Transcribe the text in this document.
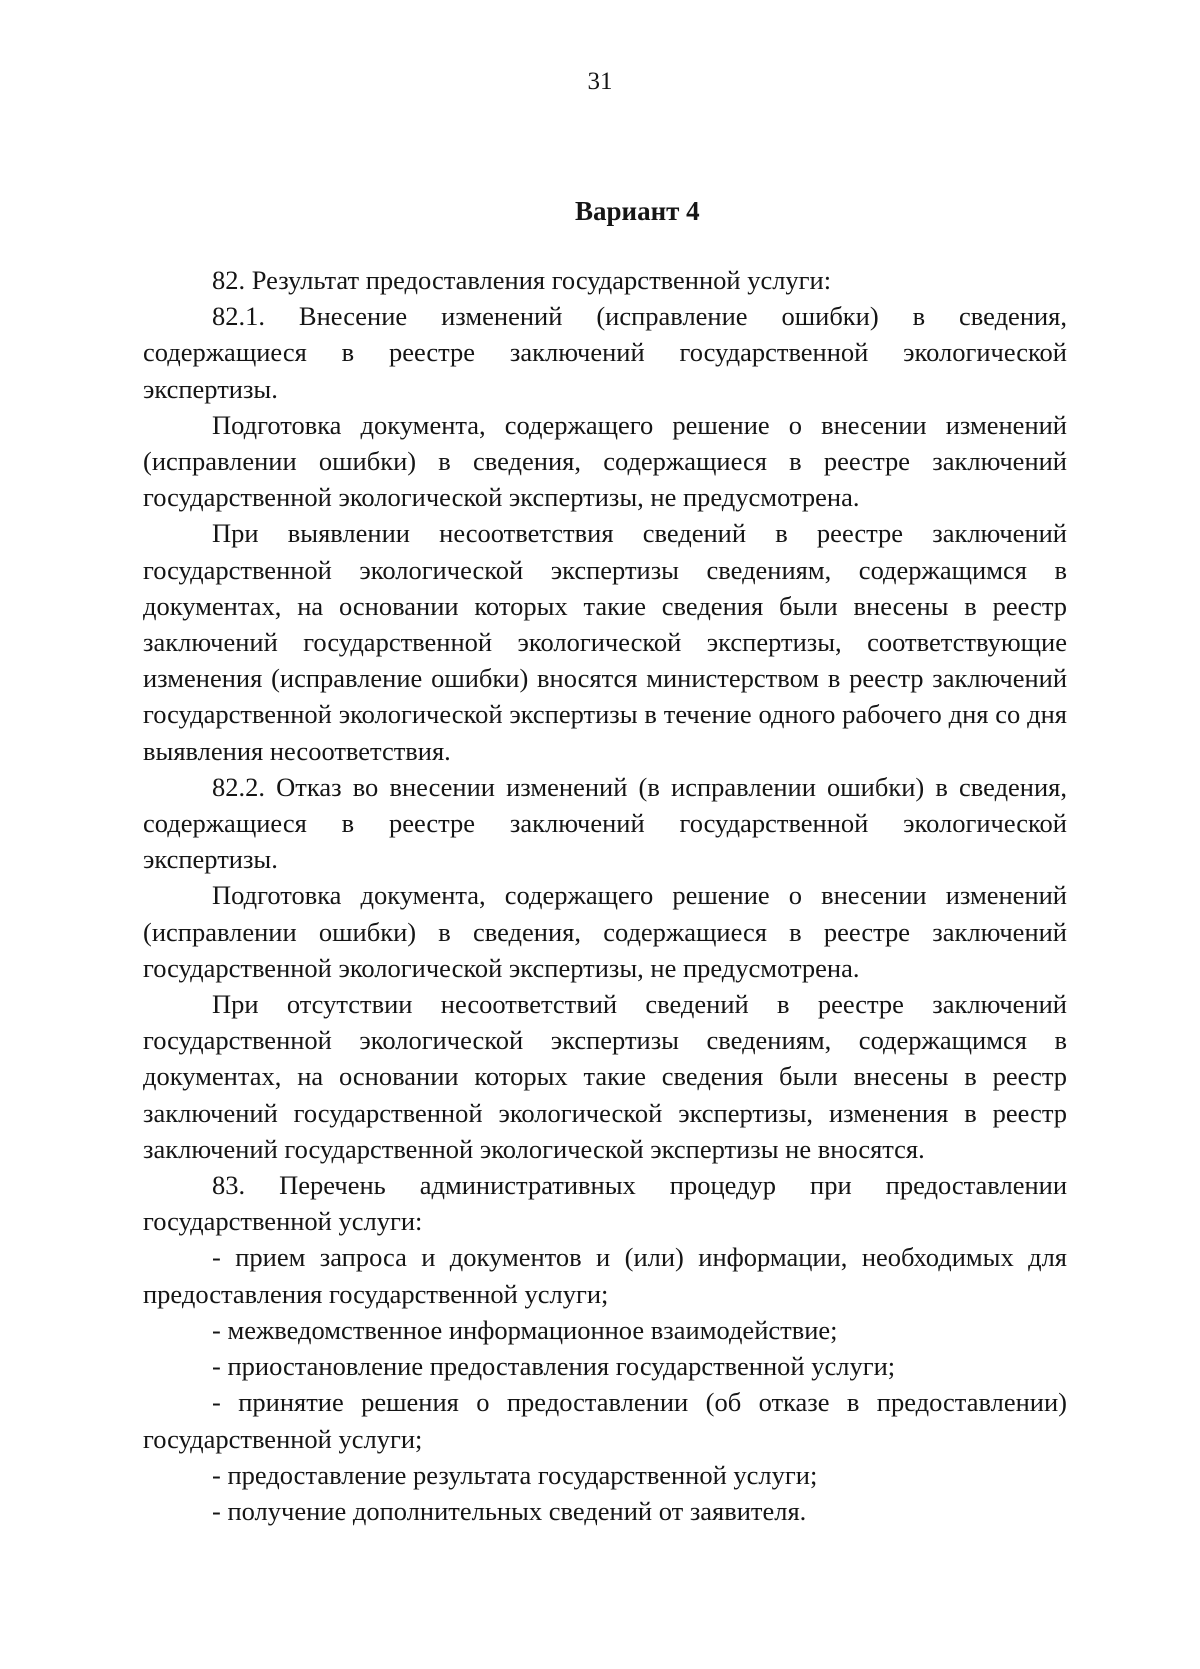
31
Вариант 4

82. Результат предоставления государственной услуги:

82.1. Внесение изменений (исправление ошибки) в сведения, содержащиеся в реестре заключений государственной экологической экспертизы.

Подготовка документа, содержащего решение о внесении изменений (исправлении ошибки) в сведения, содержащиеся в реестре заключений государственной экологической экспертизы, не предусмотрена.

При выявлении несоответствия сведений в реестре заключений государственной экологической экспертизы сведениям, содержащимся в документах, на основании которых такие сведения были внесены в реестр заключений государственной экологической экспертизы, соответствующие изменения (исправление ошибки) вносятся министерством в реестр заключений государственной экологической экспертизы в течение одного рабочего дня со дня выявления несоответствия.

82.2. Отказ во внесении изменений (в исправлении ошибки) в сведения, содержащиеся в реестре заключений государственной экологической экспертизы.

Подготовка документа, содержащего решение о внесении изменений (исправлении ошибки) в сведения, содержащиеся в реестре заключений государственной экологической экспертизы, не предусмотрена.

При отсутствии несоответствий сведений в реестре заключений государственной экологической экспертизы сведениям, содержащимся в документах, на основании которых такие сведения были внесены в реестр заключений государственной экологической экспертизы, изменения в реестр заключений государственной экологической экспертизы не вносятся.

83. Перечень административных процедур при предоставлении государственной услуги:

- прием запроса и документов и (или) информации, необходимых для предоставления государственной услуги;

- межведомственное информационное взаимодействие;

- приостановление предоставления государственной услуги;

- принятие решения о предоставлении (об отказе в предоставлении) государственной услуги;

- предоставление результата государственной услуги;

- получение дополнительных сведений от заявителя.
